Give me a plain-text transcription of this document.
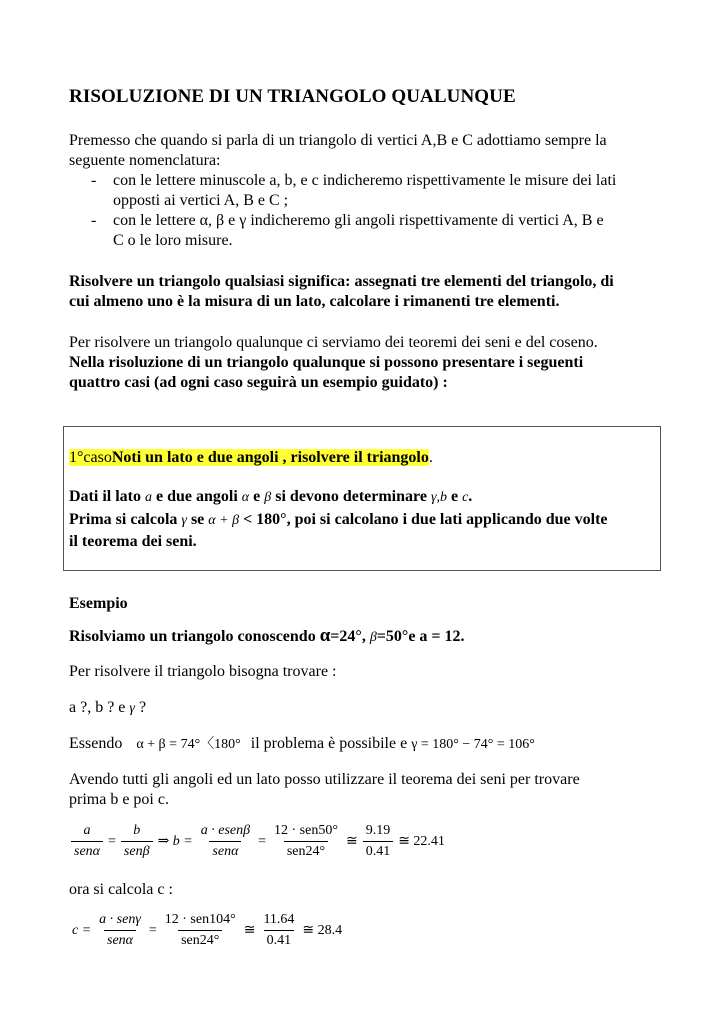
RISOLUZIONE DI UN TRIANGOLO QUALUNQUE
Premesso che quando si parla di un triangolo di vertici A,B e C adottiamo sempre la
seguente nomenclatura:
- con le lettere minuscole a, b, e c indicheremo rispettivamente le misure dei lati
opposti ai vertici A, B e C ;
- con le lettere α, β e γ indicheremo gli angoli rispettivamente di vertici A, B e
C o le loro misure.
Risolvere un triangolo qualsiasi significa: assegnati tre elementi del triangolo, di
cui almeno uno è la misura di un lato, calcolare i rimanenti tre elementi.
Per risolvere un triangolo qualunque ci serviamo dei teoremi dei seni e del coseno.
Nella risoluzione di un triangolo qualunque si possono presentare i seguenti
quattro casi (ad ogni caso seguirà un esempio guidato) :
1°casoNoti un lato e due angoli , risolvere il triangolo.
Dati il lato a e due angoli α e β si devono determinare γ,b e c.
Prima si calcola γ se α + β < 180°, poi si calcolano i due lati applicando due volte
il teorema dei seni.
Esempio
Risolviamo un triangolo conoscendo α=24°, β=50°e a = 12.
Per risolvere il triangolo bisogna trovare :
a ?, b ? e γ ?
Essendo α + β = 74°〈180° il problema è possibile e γ = 180° − 74° = 106°
Avendo tutti gli angoli ed un lato posso utilizzare il teorema dei seni per trovare
prima b e poi c.
$\frac{a}{\text{senα}} = \frac{b}{\text{senβ}}$ ⇒ $b = \frac{\text{a · esenβ}}{\text{senα}} = \frac{\text{12 · sen50°}}{\text{sen24°}}$ ≅ $\frac{9.19}{0.41}$ ≅ 22.41
ora si calcola c :
$c = \frac{\text{a · senγ}}{\text{senα}} = \frac{\text{12 · sen104°}}{\text{sen24°}}$ ≅ $\frac{11.64}{0.41}$ ≅ 28.4
